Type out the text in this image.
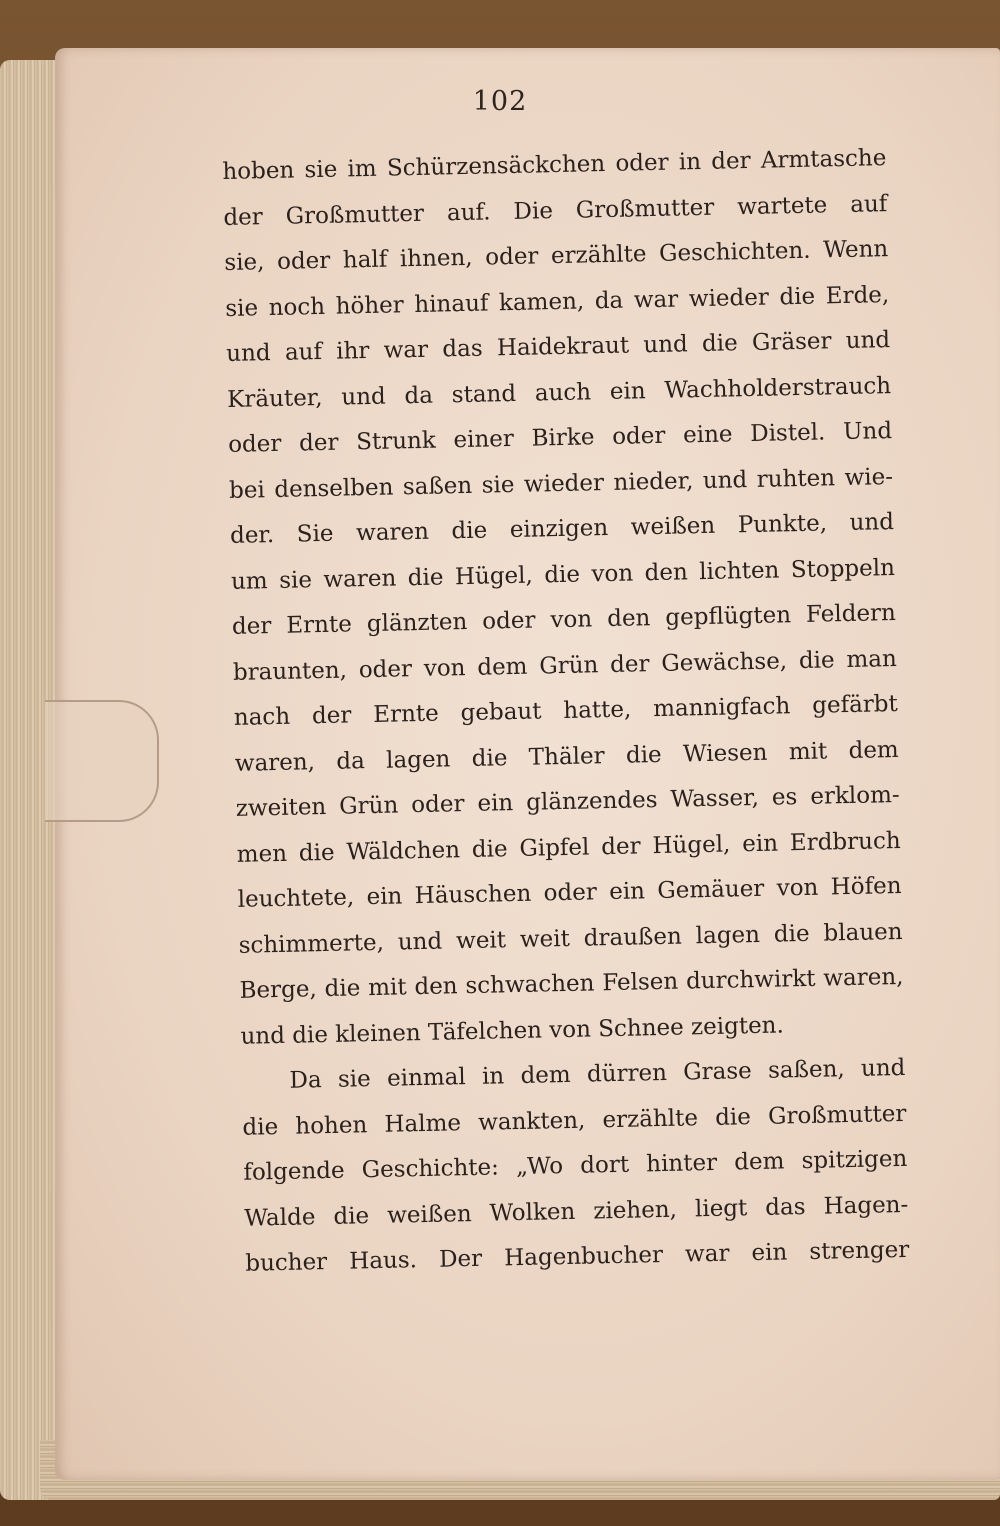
102
hoben sie im Schürzensäckchen oder in der Armtasche
der Großmutter auf. Die Großmutter wartete auf
sie, oder half ihnen, oder erzählte Geschichten. Wenn
sie noch höher hinauf kamen, da war wieder die Erde,
und auf ihr war das Haidekraut und die Gräser und
Kräuter, und da stand auch ein Wachholderstrauch
oder der Strunk einer Birke oder eine Distel. Und
bei denselben saßen sie wieder nieder, und ruhten wie-
der. Sie waren die einzigen weißen Punkte, und
um sie waren die Hügel, die von den lichten Stoppeln
der Ernte glänzten oder von den gepflügten Feldern
braunten, oder von dem Grün der Gewächse, die man
nach der Ernte gebaut hatte, mannigfach gefärbt
waren, da lagen die Thäler die Wiesen mit dem
zweiten Grün oder ein glänzendes Wasser, es erklom-
men die Wäldchen die Gipfel der Hügel, ein Erdbruch
leuchtete, ein Häuschen oder ein Gemäuer von Höfen
schimmerte, und weit weit draußen lagen die blauen
Berge, die mit den schwachen Felsen durchwirkt waren,
und die kleinen Täfelchen von Schnee zeigten.
Da sie einmal in dem dürren Grase saßen, und
die hohen Halme wankten, erzählte die Großmutter
folgende Geschichte: „Wo dort hinter dem spitzigen
Walde die weißen Wolken ziehen, liegt das Hagen-
bucher Haus. Der Hagenbucher war ein strenger
